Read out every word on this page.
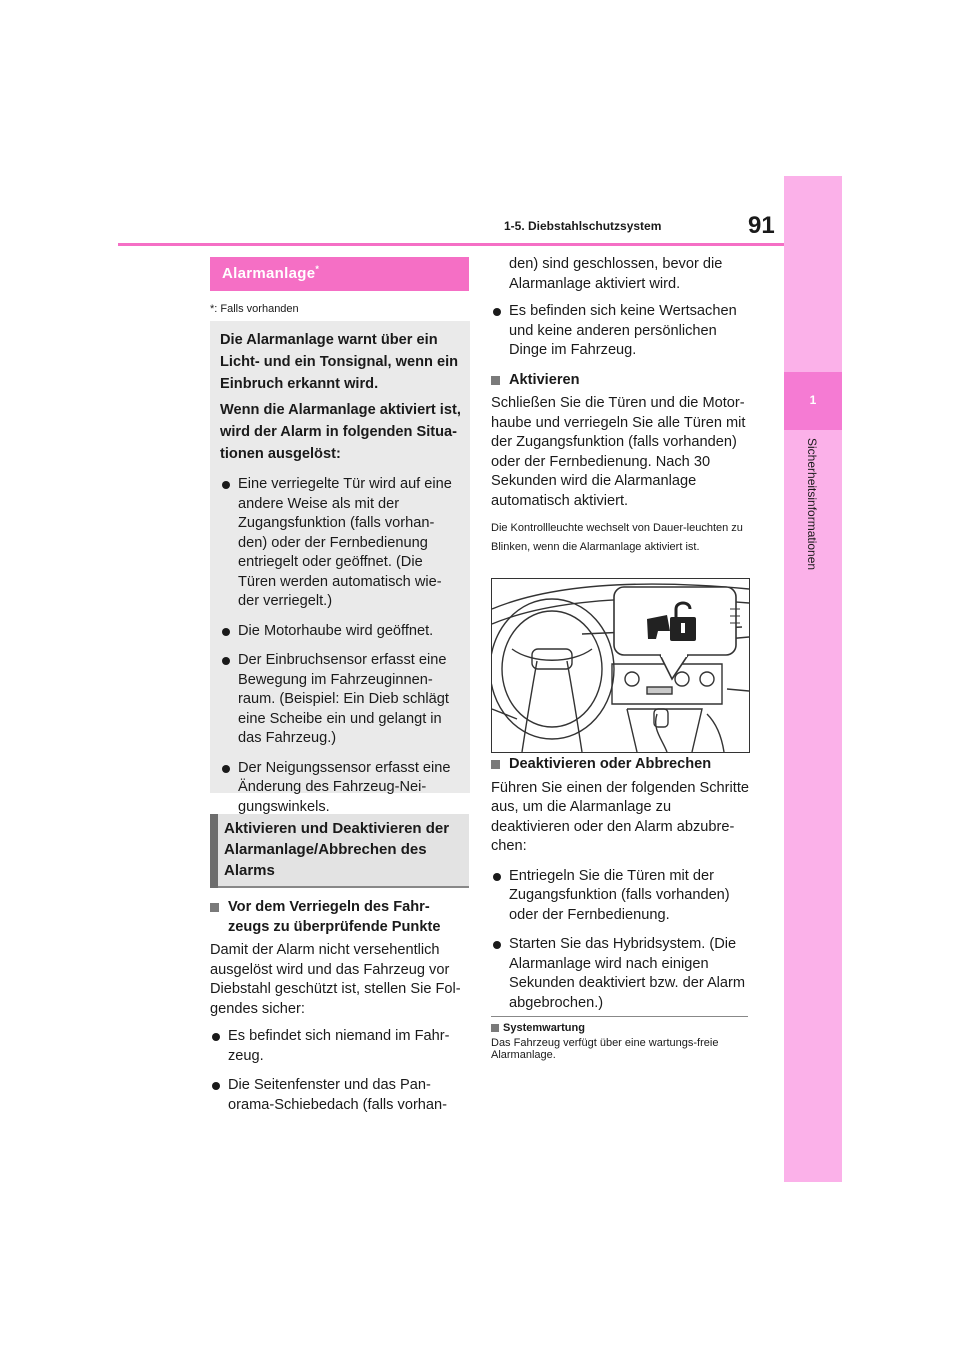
1-5. Diebstahlschutzsystem	91
1
Sicherheitsinformationen
Alarmanlage*
*: Falls vorhanden

Die Alarmanlage warnt über ein Licht- und ein Tonsignal, wenn ein Einbruch erkannt wird.

Wenn die Alarmanlage aktiviert ist, wird der Alarm in folgenden Situa-tionen ausgelöst:

Eine verriegelte Tür wird auf eine andere Weise als mit der Zugangsfunktion (falls vorhan-den) oder der Fernbedienung entriegelt oder geöffnet. (Die Türen werden automatisch wie-der verriegelt.)
Die Motorhaube wird geöffnet.
Der Einbruchsensor erfasst eine Bewegung im Fahrzeuginnen-raum. (Beispiel: Ein Dieb schlägt eine Scheibe ein und gelangt in das Fahrzeug.)
Der Neigungssensor erfasst eine Änderung des Fahrzeug-Nei-gungswinkels.
Aktivieren und Deaktivieren der Alarmanlage/Abbrechen des Alarms
Vor dem Verriegeln des Fahr-zeugs zu überprüfende Punkte

Damit der Alarm nicht versehentlich ausgelöst wird und das Fahrzeug vor Diebstahl geschützt ist, stellen Sie Fol-gendes sicher:

Es befindet sich niemand im Fahr-zeug.
Die Seitenfenster und das Pan-orama-Schiebedach (falls vorhan-

den) sind geschlossen, bevor die Alarmanlage aktiviert wird.

Es befinden sich keine Wertsachen und keine anderen persönlichen Dinge im Fahrzeug.
Aktivieren

Schließen Sie die Türen und die Motor-haube und verriegeln Sie alle Türen mit der Zugangsfunktion (falls vorhanden) oder der Fernbedienung. Nach 30 Sekunden wird die Alarmanlage automatisch aktiviert.

Die Kontrollleuchte wechselt von Dauer-leuchten zu Blinken, wenn die Alarmanlage aktiviert ist.

Deaktivieren oder Abbrechen

Führen Sie einen der folgenden Schritte aus, um die Alarmanlage zu deaktivieren oder den Alarm abzubre-chen:

Entriegeln Sie die Türen mit der Zugangsfunktion (falls vorhanden) oder der Fernbedienung.
Starten Sie das Hybridsystem. (Die Alarmanlage wird nach einigen Sekunden deaktiviert bzw. der Alarm abgebrochen.)
Systemwartung
Das Fahrzeug verfügt über eine wartungs-freie Alarmanlage.
